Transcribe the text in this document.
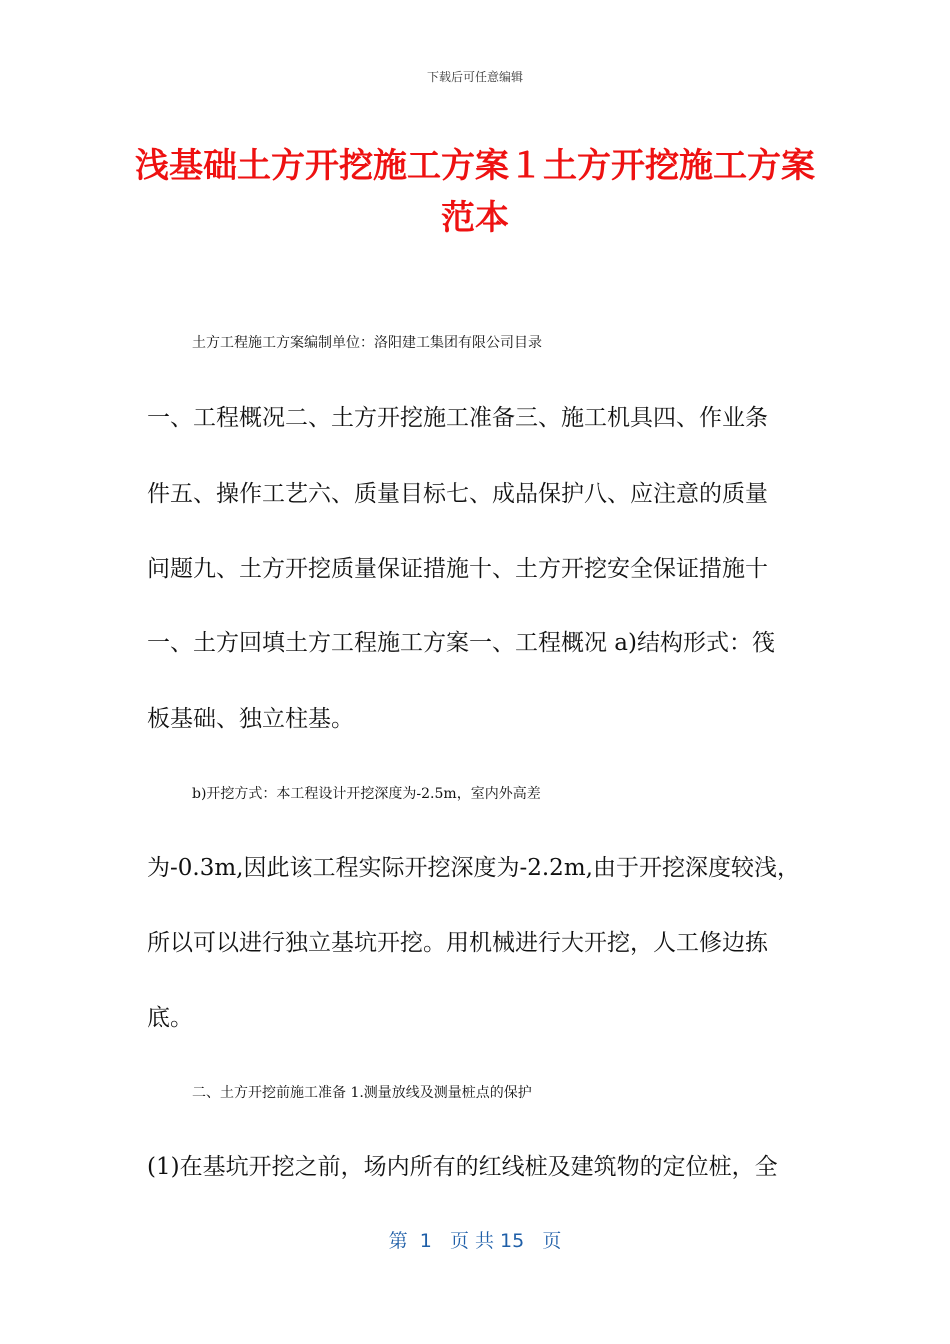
下载后可任意编辑
浅基础土方开挖施工方案１土方开挖施工方案范本
土方工程施工方案编制单位：洛阳建工集团有限公司目录
一、工程概况二、土方开挖施工准备三、施工机具四、作业条
件五、操作工艺六、质量目标七、成品保护八、应注意的质量
问题九、土方开挖质量保证措施十、土方开挖安全保证措施十
一、土方回填土方工程施工方案一、工程概况 a)结构形式：筏
板基础、独立柱基。
b)开挖方式：本工程设计开挖深度为-2.5m，室内外高差
为-0.3m,因此该工程实际开挖深度为-2.2m,由于开挖深度较浅，
所以可以进行独立基坑开挖。用机械进行大开挖，人工修边拣
底。
二、土方开挖前施工准备 1.测量放线及测量桩点的保护
(1)在基坑开挖之前，场内所有的红线桩及建筑物的定位桩，全
第  1   页 共 15   页
